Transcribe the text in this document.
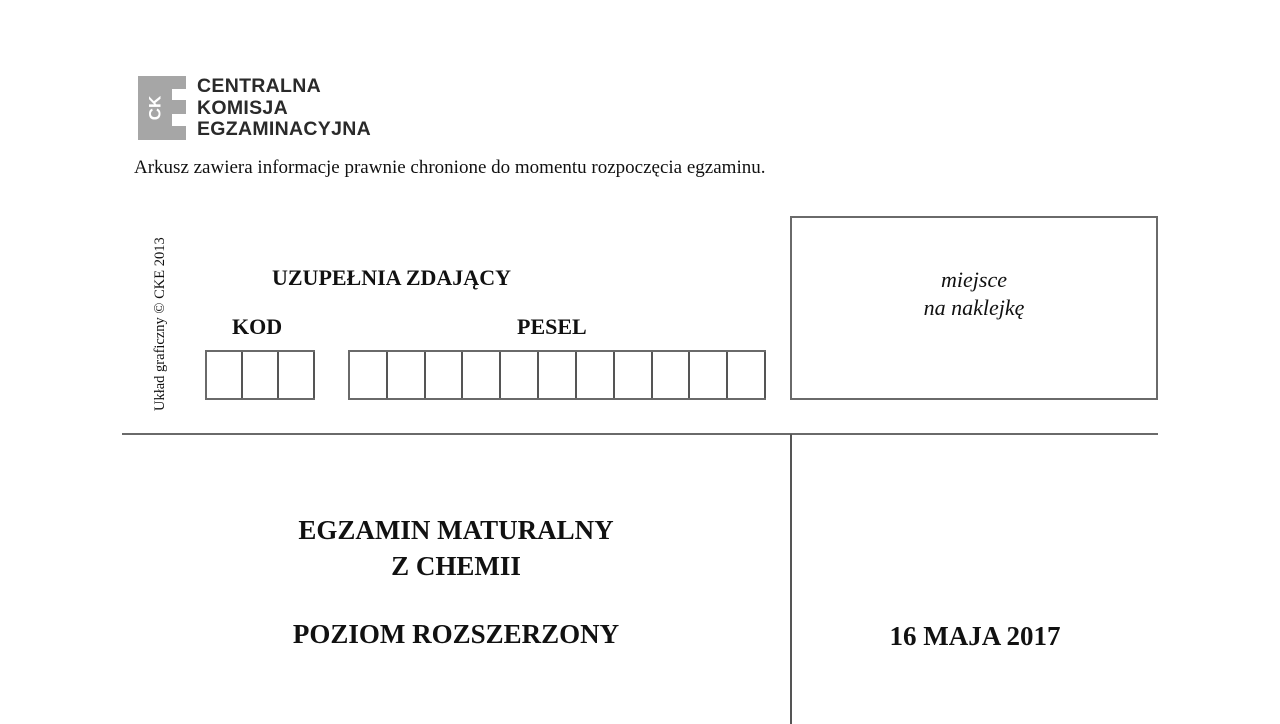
CK
CENTRALNA
KOMISJA
EGZAMINACYJNA
Arkusz zawiera informacje prawnie chronione do momentu rozpoczęcia egzaminu.
Układ graficzny © CKE 2013	UZUPEŁNIA ZDAJĄCY
KOD	PESEL
miejsce
na naklejkę
EGZAMIN MATURALNY
Z CHEMII
POZIOM ROZSZERZONY	16 MAJA 2017
